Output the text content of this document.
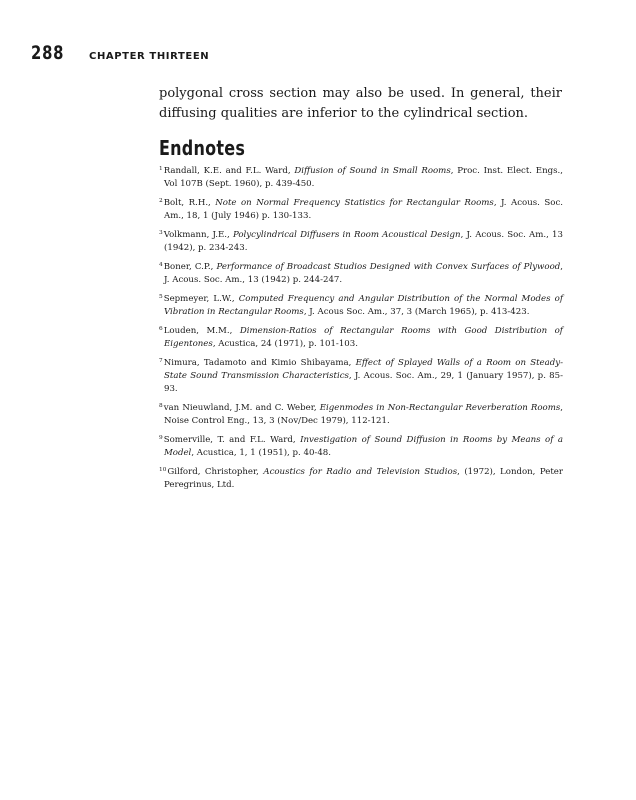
288 CHAPTER THIRTEEN

polygonal cross section may also be used. In general, their diffusing qualities are inferior to the cylindrical section.

Endnotes
$^1$Randall, K.E. and F.L. Ward, Diffusion of Sound in Small Rooms, Proc. Inst. Elect. Engs., Vol 107B (Sept. 1960), p. 439-450.
$^2$Bolt, R.H., Note on Normal Frequency Statistics for Rectangular Rooms, J. Acous. Soc. Am., 18, 1 (July 1946) p. 130-133.
$^3$Volkmann, J.E., Polycylindrical Diffusers in Room Acoustical Design, J. Acous. Soc. Am., 13 (1942), p. 234-243.
$^4$Boner, C.P., Performance of Broadcast Studios Designed with Convex Surfaces of Plywood, J. Acous. Soc. Am., 13 (1942) p. 244-247.
$^5$Sepmeyer, L.W., Computed Frequency and Angular Distribution of the Normal Modes of Vibration in Rectangular Rooms, J. Acous Soc. Am., 37, 3 (March 1965), p. 413-423.
$^6$Louden, M.M., Dimension-Ratios of Rectangular Rooms with Good Distribution of Eigentones, Acustica, 24 (1971), p. 101-103.
$^7$Nimura, Tadamoto and Kimio Shibayama, Effect of Splayed Walls of a Room on Steady-State Sound Transmission Characteristics, J. Acous. Soc. Am., 29, 1 (January 1957), p. 85-93.
$^8$van Nieuwland, J.M. and C. Weber, Eigenmodes in Non-Rectangular Reverberation Rooms, Noise Control Eng., 13, 3 (Nov/Dec 1979), 112-121.
$^9$Somerville, T. and F.L. Ward, Investigation of Sound Diffusion in Rooms by Means of a Model, Acustica, 1, 1 (1951), p. 40-48.
$^{10}$Gilford, Christopher, Acoustics for Radio and Television Studios, (1972), London, Peter Peregrinus, Ltd.
